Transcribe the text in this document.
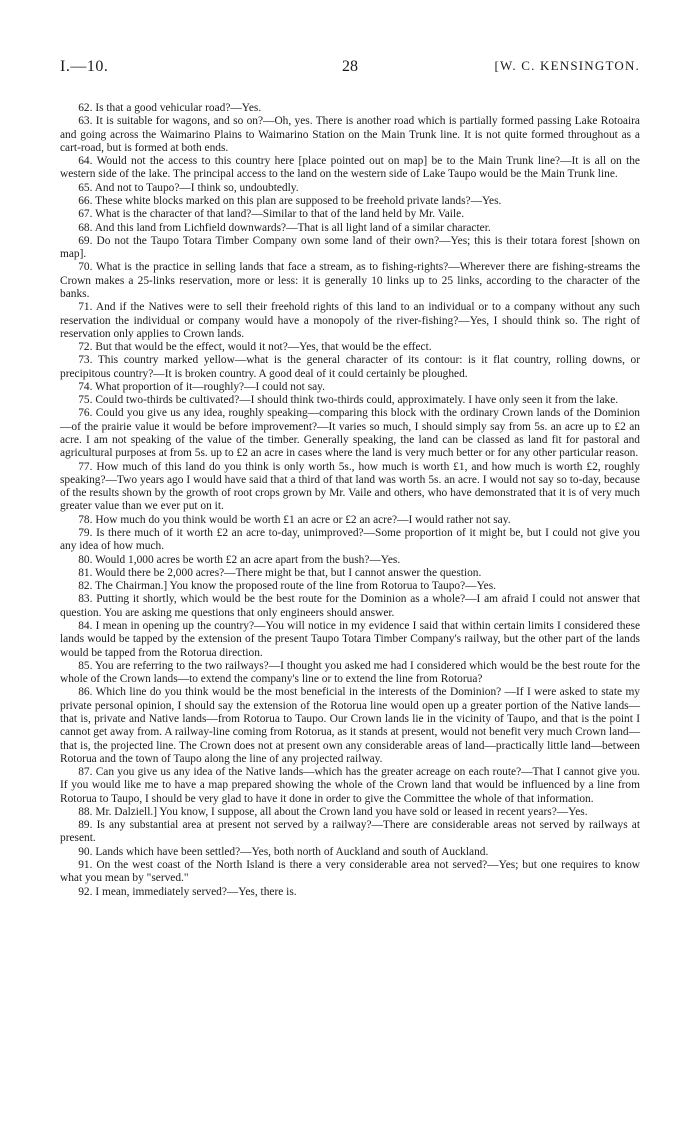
I.—10.	28	[W. C. KENSINGTON.

62. Is that a good vehicular road?—Yes.

63. It is suitable for wagons, and so on?—Oh, yes. There is another road which is partially formed passing Lake Rotoaira and going across the Waimarino Plains to Waimarino Station on the Main Trunk line. It is not quite formed throughout as a cart-road, but is formed at both ends.

64. Would not the access to this country here [place pointed out on map] be to the Main Trunk line?—It is all on the western side of the lake. The principal access to the land on the western side of Lake Taupo would be the Main Trunk line.

65. And not to Taupo?—I think so, undoubtedly.

66. These white blocks marked on this plan are supposed to be freehold private lands?—Yes.

67. What is the character of that land?—Similar to that of the land held by Mr. Vaile.

68. And this land from Lichfield downwards?—That is all light land of a similar character.

69. Do not the Taupo Totara Timber Company own some land of their own?—Yes; this is their totara forest [shown on map].

70. What is the practice in selling lands that face a stream, as to fishing-rights?—Wherever there are fishing-streams the Crown makes a 25-links reservation, more or less: it is generally 10 links up to 25 links, according to the character of the banks.

71. And if the Natives were to sell their freehold rights of this land to an individual or to a company without any such reservation the individual or company would have a monopoly of the river-fishing?—Yes, I should think so. The right of reservation only applies to Crown lands.

72. But that would be the effect, would it not?—Yes, that would be the effect.

73. This country marked yellow—what is the general character of its contour: is it flat country, rolling downs, or precipitous country?—It is broken country. A good deal of it could certainly be ploughed.

74. What proportion of it—roughly?—I could not say.

75. Could two-thirds be cultivated?—I should think two-thirds could, approximately. I have only seen it from the lake.

76. Could you give us any idea, roughly speaking—comparing this block with the ordinary Crown lands of the Dominion—of the prairie value it would be before improvement?—It varies so much, I should simply say from 5s. an acre up to £2 an acre. I am not speaking of the value of the timber. Generally speaking, the land can be classed as land fit for pastoral and agricultural purposes at from 5s. up to £2 an acre in cases where the land is very much better or for any other particular reason.

77. How much of this land do you think is only worth 5s., how much is worth £1, and how much is worth £2, roughly speaking?—Two years ago I would have said that a third of that land was worth 5s. an acre. I would not say so to-day, because of the results shown by the growth of root crops grown by Mr. Vaile and others, who have demonstrated that it is of very much greater value than we ever put on it.

78. How much do you think would be worth £1 an acre or £2 an acre?—I would rather not say.

79. Is there much of it worth £2 an acre to-day, unimproved?—Some proportion of it might be, but I could not give you any idea of how much.

80. Would 1,000 acres be worth £2 an acre apart from the bush?—Yes.

81. Would there be 2,000 acres?—There might be that, but I cannot answer the question.

82. The Chairman.] You know the proposed route of the line from Rotorua to Taupo?—Yes.

83. Putting it shortly, which would be the best route for the Dominion as a whole?—I am afraid I could not answer that question. You are asking me questions that only engineers should answer.

84. I mean in opening up the country?—You will notice in my evidence I said that within certain limits I considered these lands would be tapped by the extension of the present Taupo Totara Timber Company's railway, but the other part of the lands would be tapped from the Rotorua direction.

85. You are referring to the two railways?—I thought you asked me had I considered which would be the best route for the whole of the Crown lands—to extend the company's line or to extend the line from Rotorua?

86. Which line do you think would be the most beneficial in the interests of the Dominion? —If I were asked to state my private personal opinion, I should say the extension of the Rotorua line would open up a greater portion of the Native lands—that is, private and Native lands—from Rotorua to Taupo. Our Crown lands lie in the vicinity of Taupo, and that is the point I cannot get away from. A railway-line coming from Rotorua, as it stands at present, would not benefit very much Crown land—that is, the projected line. The Crown does not at present own any considerable areas of land—practically little land—between Rotorua and the town of Taupo along the line of any projected railway.

87. Can you give us any idea of the Native lands—which has the greater acreage on each route?—That I cannot give you. If you would like me to have a map prepared showing the whole of the Crown land that would be influenced by a line from Rotorua to Taupo, I should be very glad to have it done in order to give the Committee the whole of that information.

88. Mr. Dalziell.] You know, I suppose, all about the Crown land you have sold or leased in recent years?—Yes.

89. Is any substantial area at present not served by a railway?—There are considerable areas not served by railways at present.

90. Lands which have been settled?—Yes, both north of Auckland and south of Auckland.

91. On the west coast of the North Island is there a very considerable area not served?—Yes; but one requires to know what you mean by "served."

92. I mean, immediately served?—Yes, there is.
